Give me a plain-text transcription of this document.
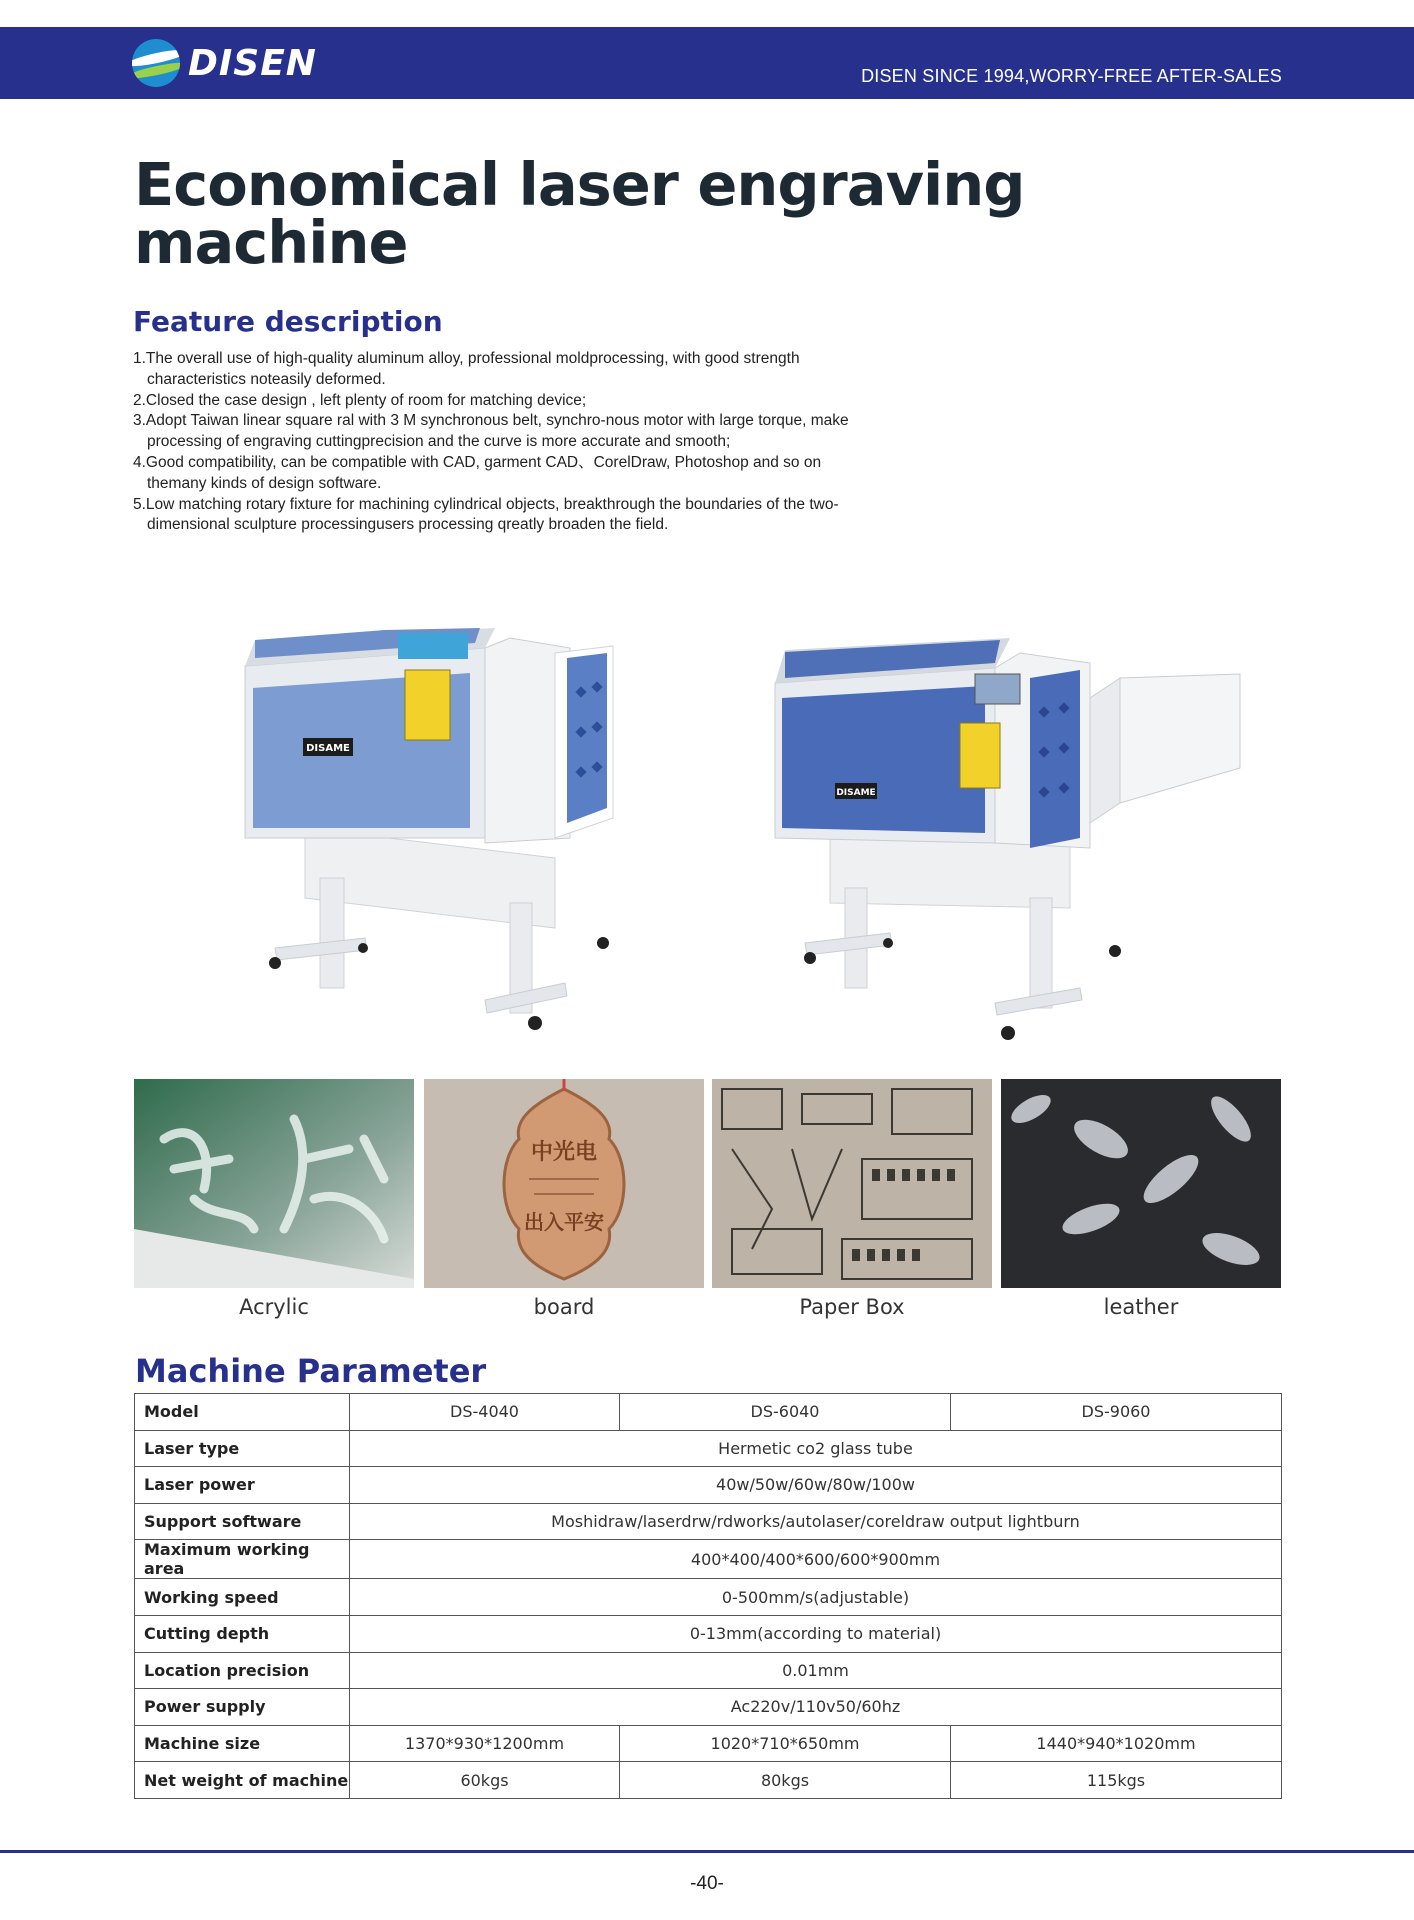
DISEN	DISEN SINCE 1994,WORRY-FREE AFTER-SALES
Economical laser engraving machine
Feature description
1.The overall use of high-quality aluminum alloy, professional moldprocessing, with good strength characteristics noteasily deformed.
2.Closed the case design , left plenty of room for matching device;
3.Adopt Taiwan linear square ral with 3 M synchronous belt, synchro-nous motor with large torque, make processing of engraving cuttingprecision and the curve is more accurate and smooth;
4.Good compatibility, can be compatible with CAD, garment CAD、CorelDraw, Photoshop and so on themany kinds of design software.
5.Low matching rotary fixture for machining cylindrical objects, breakthrough the boundaries of the two-dimensional sculpture processingusers processing qreatly broaden the field.
DISAME
DISAME
中光电
出入平安
Acrylic	board	Paper Box	leather
Machine Parameter
Model	DS-4040	DS-6040	DS-9060
Laser type	Hermetic co2 glass tube		
Laser power	40w/50w/60w/80w/100w		
Support software	Moshidraw/laserdrw/rdworks/autolaser/coreldraw output lightburn		
Maximum working area	400*400/400*600/600*900mm		
Working speed	0-500mm/s(adjustable)		
Cutting depth	0-13mm(according to material)		
Location precision	0.01mm		
Power supply	Ac220v/110v50/60hz		
Machine size	1370*930*1200mm	1020*710*650mm	1440*940*1020mm
Net weight of machine	60kgs	80kgs	115kgs
-40-
